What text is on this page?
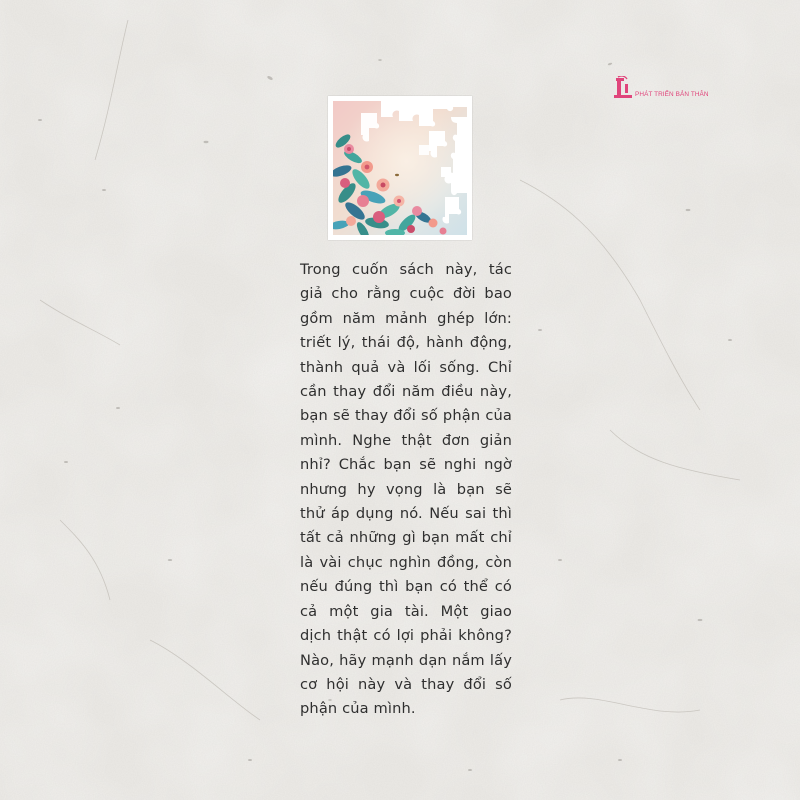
PHÁT TRIỂN BẢN THÂN

Trong cuốn sách này, tác giả cho rằng cuộc đời bao gồm năm mảnh ghép lớn: triết lý, thái độ, hành động, thành quả và lối sống. Chỉ cần thay đổi năm điều này, bạn sẽ thay đổi số phận của mình. Nghe thật đơn giản nhỉ? Chắc bạn sẽ nghi ngờ nhưng hy vọng là bạn sẽ thử áp dụng nó. Nếu sai thì tất cả những gì bạn mất chỉ là vài chục nghìn đồng, còn nếu đúng thì bạn có thể có cả một gia tài. Một giao dịch thật có lợi phải không? Nào, hãy mạnh dạn nắm lấy cơ hội này và thay đổi số phận của mình.
